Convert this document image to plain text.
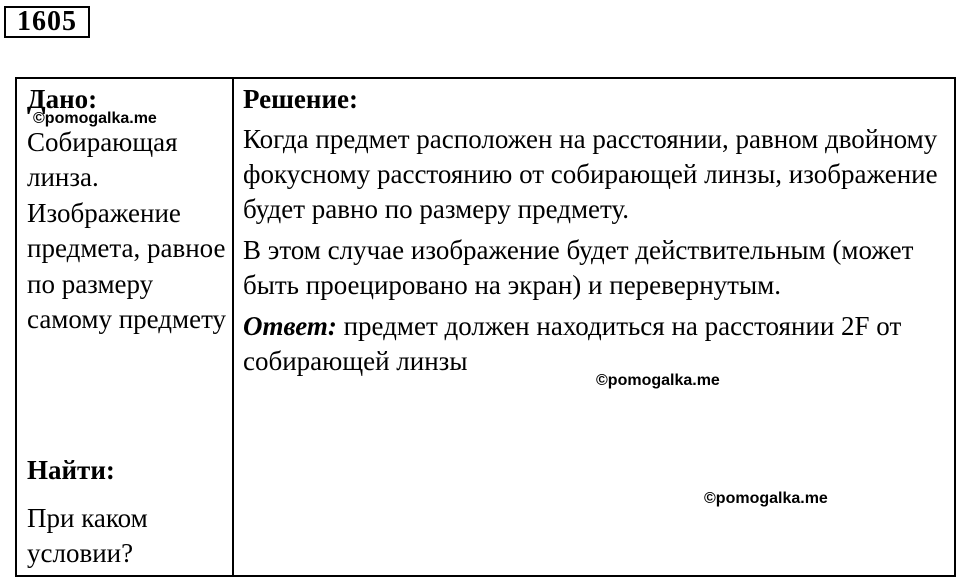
1605

Дано:

Собирающая линза. Изображение предмета, равное по размеру самому предмету

Найти:
При каком условии?

Решение:

Когда предмет расположен на расстоянии, равном двойному фокусному расстоянию от собирающей линзы, изображение будет равно по размеру предмету.

В этом случае изображение будет действительным (может быть проецировано на экран) и перевернутым.

Ответ: предмет должен находиться на расстоянии 2F от собирающей линзы

©pomogalka.me
©pomogalka.me
©pomogalka.me
